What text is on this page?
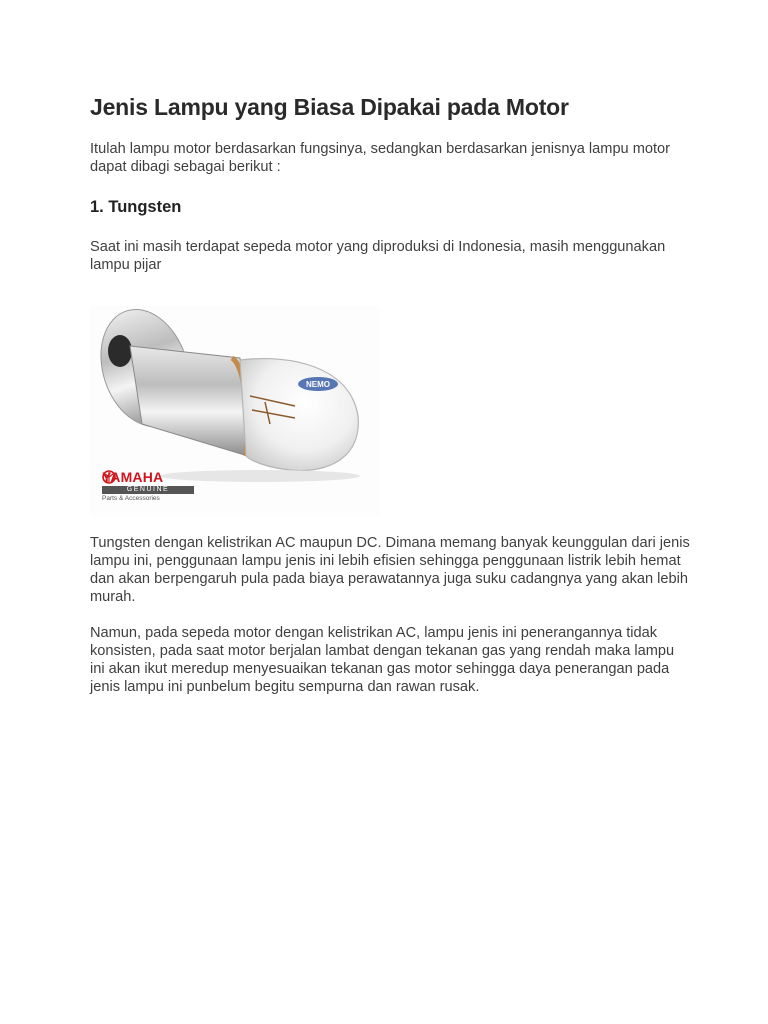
Jenis Lampu yang Biasa Dipakai pada Motor

Itulah lampu motor berdasarkan fungsinya, sedangkan berdasarkan jenisnya lampu motor dapat dibagi sebagai berikut :

1. Tungsten

Saat ini masih terdapat sepeda motor yang diproduksi di Indonesia, masih menggunakan lampu pijar

NEMO
YAMAHA
GENUINE
Parts & Accessories

Tungsten dengan kelistrikan AC maupun DC. Dimana memang banyak keunggulan dari jenis lampu ini, penggunaan lampu jenis ini lebih efisien sehingga penggunaan listrik lebih hemat dan akan berpengaruh pula pada biaya perawatannya juga suku cadangnya yang akan lebih murah.

Namun, pada sepeda motor dengan kelistrikan AC, lampu jenis ini penerangannya tidak konsisten, pada saat motor berjalan lambat dengan tekanan gas yang rendah maka lampu ini akan ikut meredup menyesuaikan tekanan gas motor sehingga daya penerangan pada jenis lampu ini punbelum begitu sempurna dan rawan rusak.
